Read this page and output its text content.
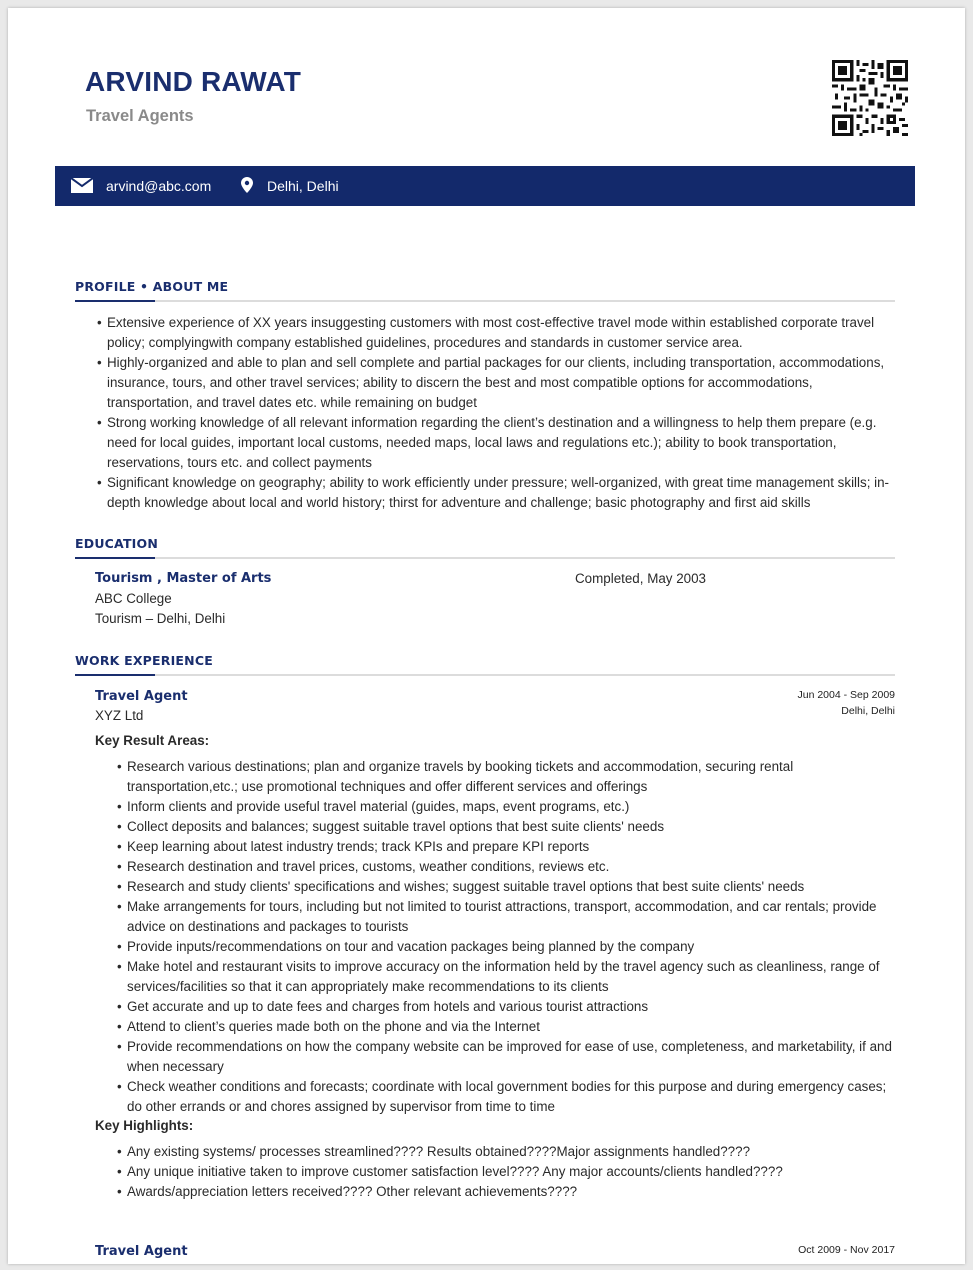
ARVIND RAWAT
Travel Agents
arvind@abc.com	Delhi, Delhi
PROFILE • ABOUT ME
• Extensive experience of XX years insuggesting customers with most cost-effective travel mode within established corporate travel policy; complyingwith company established guidelines, procedures and standards in customer service area.
• Highly-organized and able to plan and sell complete and partial packages for our clients, including transportation, accommodations, insurance, tours, and other travel services; ability to discern the best and most compatible options for accommodations, transportation, and travel dates etc. while remaining on budget
• Strong working knowledge of all relevant information regarding the client’s destination and a willingness to help them prepare (e.g. need for local guides, important local customs, needed maps, local laws and regulations etc.); ability to book transportation, reservations, tours etc. and collect payments
• Significant knowledge on geography; ability to work efficiently under pressure; well-organized, with great time management skills; in-depth knowledge about local and world history; thirst for adventure and challenge; basic photography and first aid skills
EDUCATION
Tourism , Master of Arts	Completed, May 2003
ABC College
Tourism – Delhi, Delhi
WORK EXPERIENCE
Travel Agent	Jun 2004 - Sep 2009
XYZ Ltd	Delhi, Delhi
Key Result Areas:
• Research various destinations; plan and organize travels by booking tickets and accommodation, securing rental transportation,etc.; use promotional techniques and offer different services and offerings
• Inform clients and provide useful travel material (guides, maps, event programs, etc.)
• Collect deposits and balances; suggest suitable travel options that best suite clients' needs
• Keep learning about latest industry trends; track KPIs and prepare KPI reports
• Research destination and travel prices, customs, weather conditions, reviews etc.
• Research and study clients' specifications and wishes; suggest suitable travel options that best suite clients' needs
• Make arrangements for tours, including but not limited to tourist attractions, transport, accommodation, and car rentals; provide advice on destinations and packages to tourists
• Provide inputs/recommendations on tour and vacation packages being planned by the company
• Make hotel and restaurant visits to improve accuracy on the information held by the travel agency such as cleanliness, range of services/facilities so that it can appropriately make recommendations to its clients
• Get accurate and up to date fees and charges from hotels and various tourist attractions
• Attend to client’s queries made both on the phone and via the Internet
• Provide recommendations on how the company website can be improved for ease of use, completeness, and marketability, if and when necessary
• Check weather conditions and forecasts; coordinate with local government bodies for this purpose and during emergency cases; do other errands or and chores assigned by supervisor from time to time
Key Highlights:
• Any existing systems/ processes streamlined???? Results obtained????Major assignments handled????
• Any unique initiative taken to improve customer satisfaction level???? Any major accounts/clients handled????
• Awards/appreciation letters received???? Other relevant achievements????
Travel Agent	Oct 2009 - Nov 2017
